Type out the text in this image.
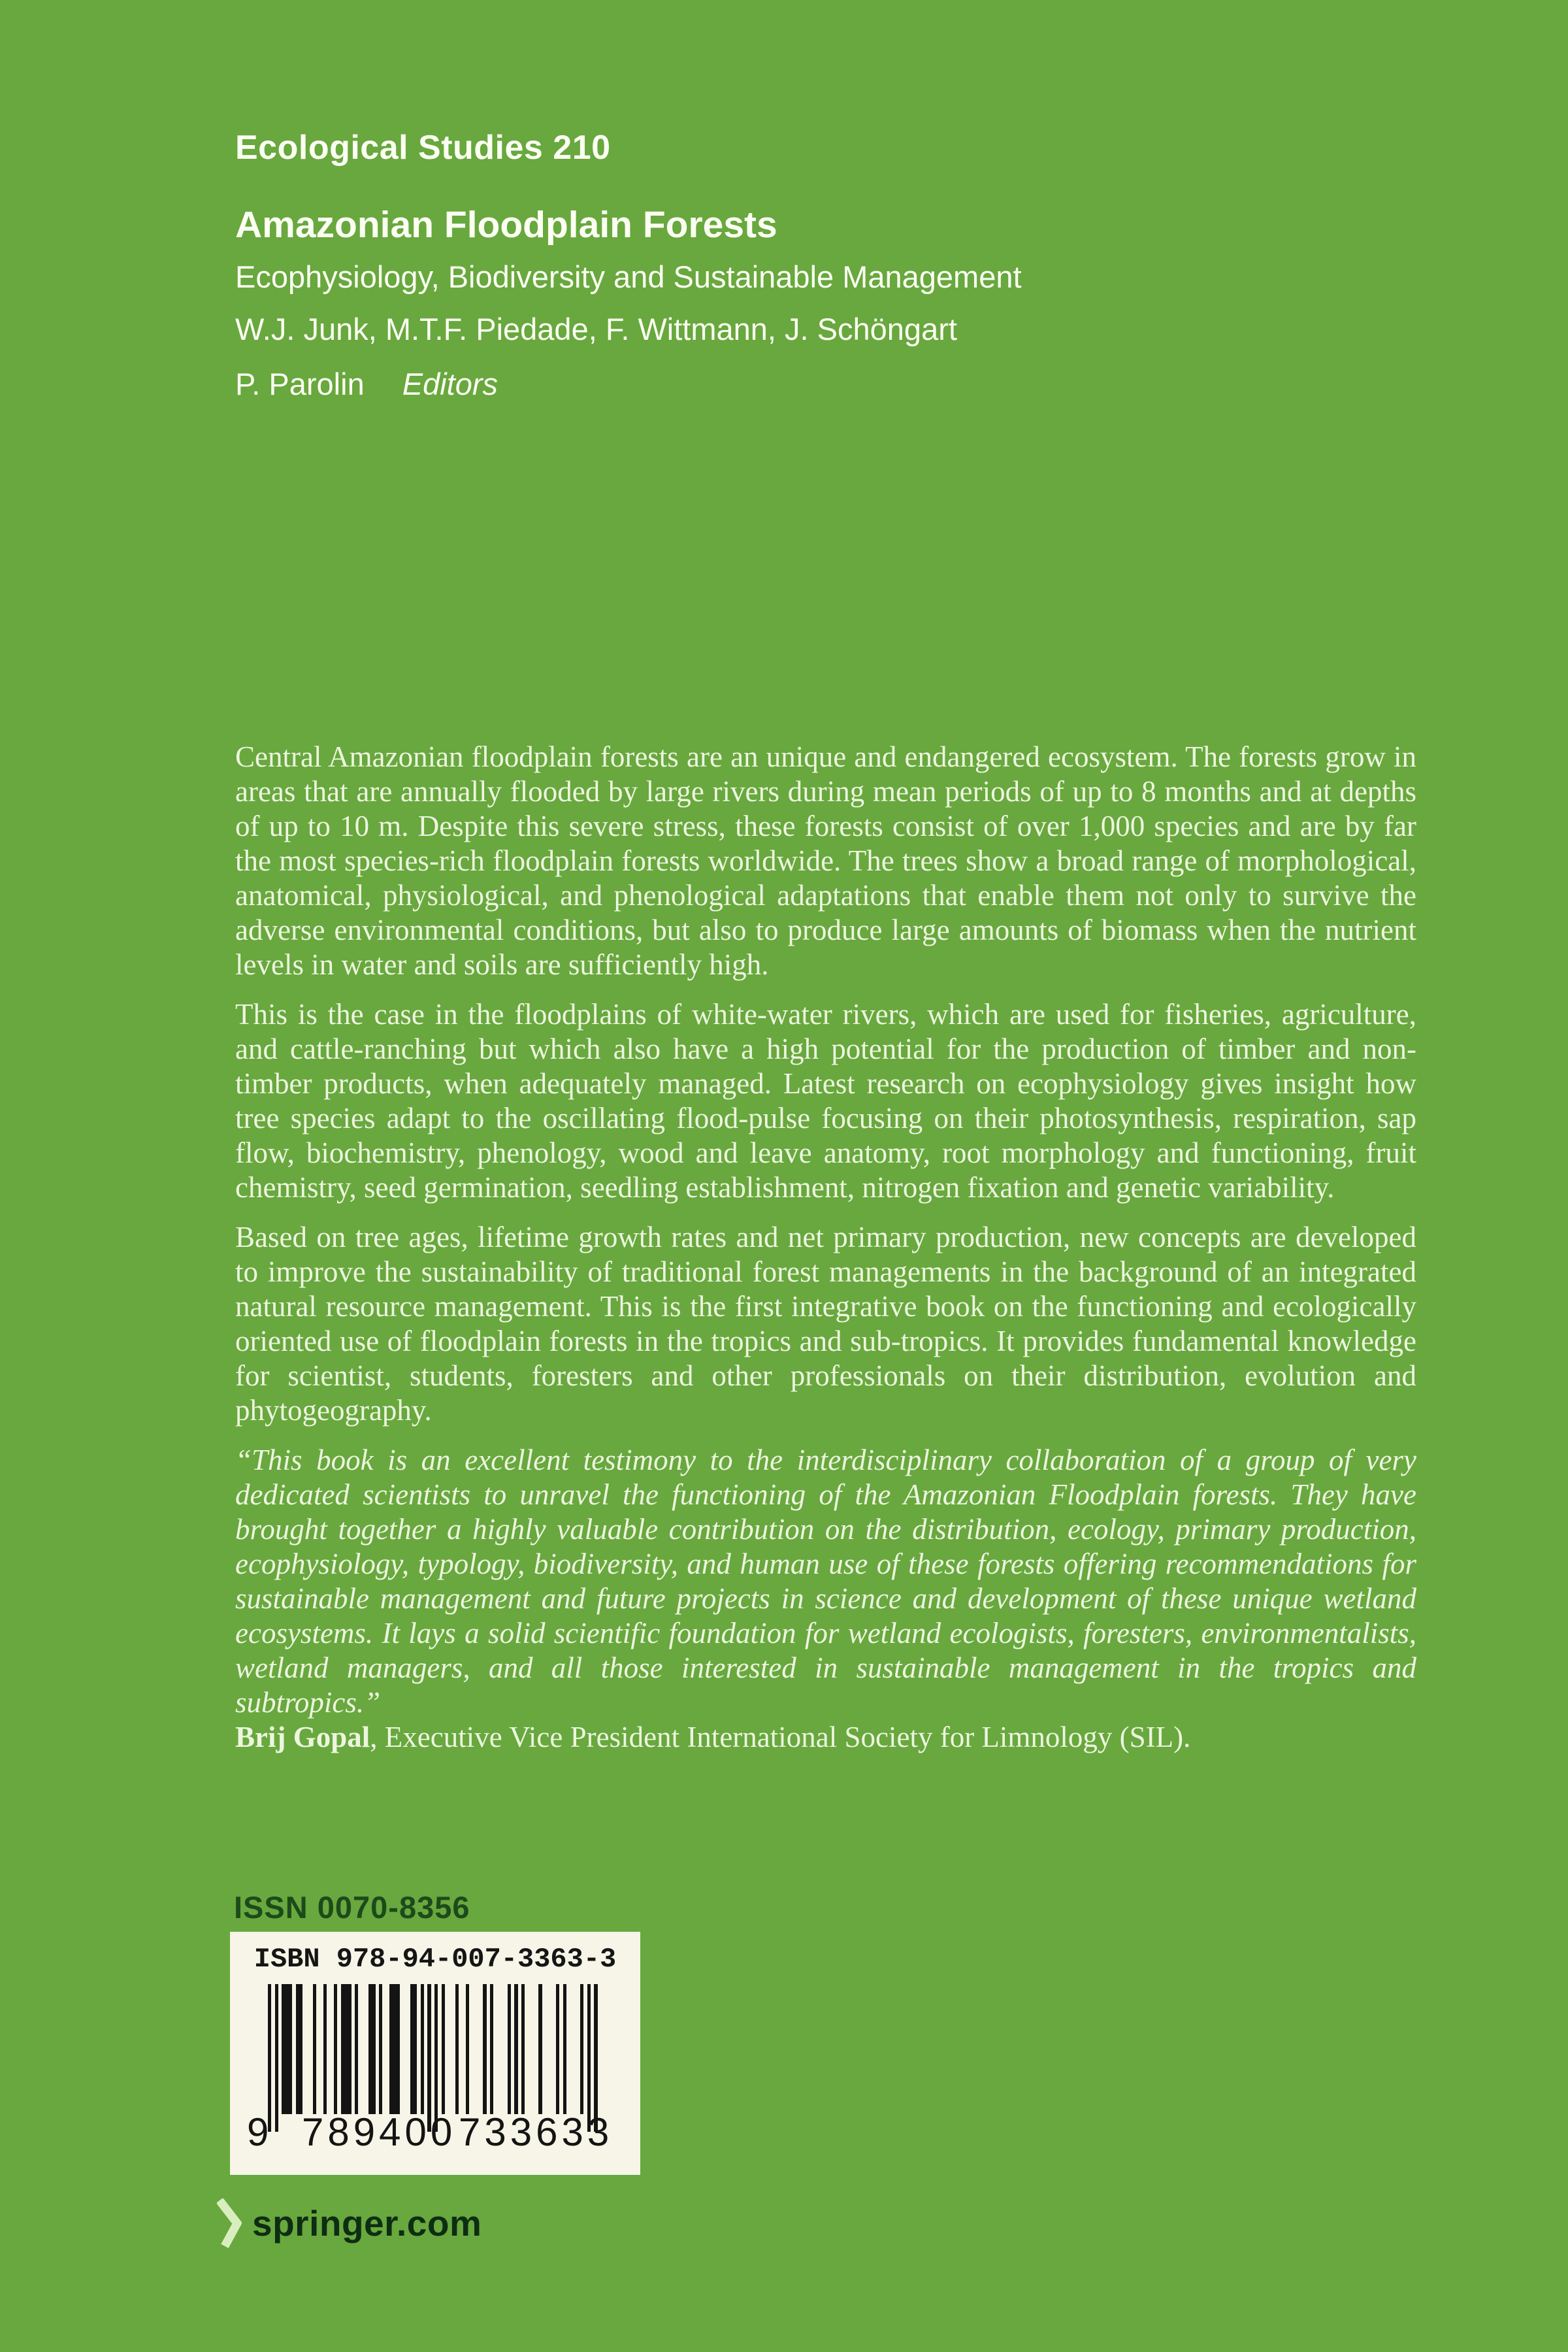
Ecological Studies 210
Amazonian Floodplain Forests
Ecophysiology, Biodiversity and Sustainable Management
W.J. Junk, M.T.F. Piedade, F. Wittmann, J. Schöngart
P. Parolin Editors

Central Amazonian floodplain forests are an unique and endangered ecosystem. The forests grow in areas that are annually flooded by large rivers during mean periods of up to 8 months and at depths of up to 10 m. Despite this severe stress, these forests consist of over 1,000 species and are by far the most species-rich floodplain forests worldwide. The trees show a broad range of morphological, anatomical, physiological, and phenological adaptations that enable them not only to survive the adverse environmental conditions, but also to produce large amounts of biomass when the nutrient levels in water and soils are sufficiently high.

This is the case in the floodplains of white-water rivers, which are used for fisheries, agriculture, and cattle-ranching but which also have a high potential for the production of timber and non-timber products, when adequately managed. Latest research on ecophysiology gives insight how tree species adapt to the oscillating flood-pulse focusing on their photosynthesis, respiration, sap flow, biochemistry, phenology, wood and leave anatomy, root morphology and functioning, fruit chemistry, seed germination, seedling establishment, nitrogen fixation and genetic variability.

Based on tree ages, lifetime growth rates and net primary production, new concepts are developed to improve the sustainability of traditional forest managements in the background of an integrated natural resource management. This is the first integrative book on the functioning and ecologically oriented use of floodplain forests in the tropics and sub-tropics. It provides fundamental knowledge for scientist, students, foresters and other professionals on their distribution, evolution and phytogeography.

“This book is an excellent testimony to the interdisciplinary collaboration of a group of very dedicated scientists to unravel the functioning of the Amazonian Floodplain forests. They have brought together a highly valuable contribution on the distribution, ecology, primary production, ecophysiology, typology, biodiversity, and human use of these forests offering recommendations for sustainable management and future projects in science and development of these unique wetland ecosystems. It lays a solid scientific foundation for wetland ecologists, foresters, environmentalists, wetland managers, and all those interested in sustainable management in the tropics and subtropics.”

Brij Gopal, Executive Vice President International Society for Limnology (SIL).

ISSN 0070-8356
ISBN 978-94-007-3363-3
9 789400 733633
springer.com
